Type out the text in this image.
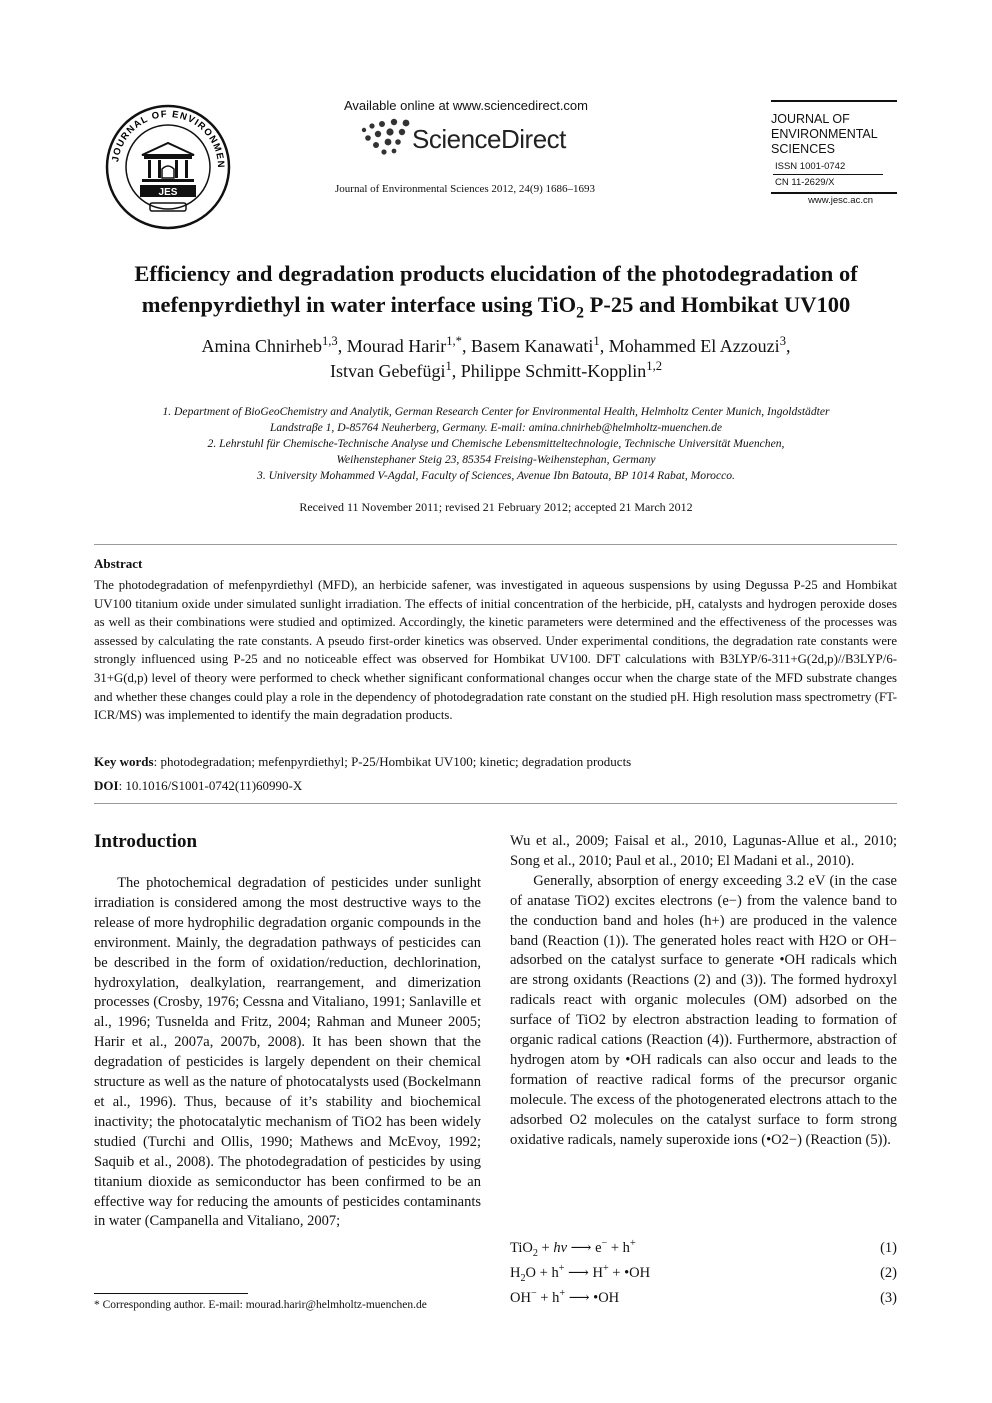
JOURNAL OF ENVIRONMEN
JES
Available online at www.sciencedirect.com
ScienceDirect
Journal of Environmental Sciences 2012, 24(9) 1686–1693
JOURNAL OF
ENVIRONMENTAL
SCIENCES
ISSN 1001-0742
CN 11-2629/X
www.jesc.ac.cn
Efficiency and degradation products elucidation of the photodegradation of
mefenpyrdiethyl in water interface using TiO$_2$ P-25 and Hombikat UV100
Amina Chnirheb$^{1,3}$, Mourad Harir$^{1,*}$, Basem Kanawati$^1$, Mohammed El Azzouzi$^3$,
Istvan Gebefügi$^1$, Philippe Schmitt-Kopplin$^{1,2}$
1. Department of BioGeoChemistry and Analytik, German Research Center for Environmental Health, Helmholtz Center Munich, Ingoldstädter
Landstraβe 1, D-85764 Neuherberg, Germany. E-mail: amina.chnirheb@helmholtz-muenchen.de
2. Lehrstuhl für Chemische-Technische Analyse und Chemische Lebensmitteltechnologie, Technische Universität Muenchen,
Weihenstephaner Steig 23, 85354 Freising-Weihenstephan, Germany
3. University Mohammed V-Agdal, Faculty of Sciences, Avenue Ibn Batouta, BP 1014 Rabat, Morocco.
Received 11 November 2011; revised 21 February 2012; accepted 21 March 2012
Abstract
The photodegradation of mefenpyrdiethyl (MFD), an herbicide safener, was investigated in aqueous suspensions by using Degussa P-25 and Hombikat UV100 titanium oxide under simulated sunlight irradiation. The effects of initial concentration of the herbicide, pH, catalysts and hydrogen peroxide doses as well as their combinations were studied and optimized. Accordingly, the kinetic parameters were determined and the effectiveness of the processes was assessed by calculating the rate constants. A pseudo first-order kinetics was observed. Under experimental conditions, the degradation rate constants were strongly influenced using P-25 and no noticeable effect was observed for Hombikat UV100. DFT calculations with B3LYP/6-311+G(2d,p)//B3LYP/6-31+G(d,p) level of theory were performed to check whether significant conformational changes occur when the charge state of the MFD substrate changes and whether these changes could play a role in the dependency of photodegradation rate constant on the studied pH. High resolution mass spectrometry (FT-ICR/MS) was implemented to identify the main degradation products.
Key words: photodegradation; mefenpyrdiethyl; P-25/Hombikat UV100; kinetic; degradation products
DOI: 10.1016/S1001-0742(11)60990-X
Introduction

The photochemical degradation of pesticides under sunlight irradiation is considered among the most destructive ways to the release of more hydrophilic degradation organic compounds in the environment. Mainly, the degradation pathways of pesticides can be described in the form of oxidation/reduction, dechlorination, hydroxylation, dealkylation, rearrangement, and dimerization processes (Crosby, 1976; Cessna and Vitaliano, 1991; Sanlaville et al., 1996; Tusnelda and Fritz, 2004; Rahman and Muneer 2005; Harir et al., 2007a, 2007b, 2008). It has been shown that the degradation of pesticides is largely dependent on their chemical structure as well as the nature of photocatalysts used (Bockelmann et al., 1996). Thus, because of it’s stability and biochemical inactivity; the photocatalytic mechanism of TiO2 has been widely studied (Turchi and Ollis, 1990; Mathews and McEvoy, 1992; Saquib et al., 2008). The photodegradation of pesticides by using titanium dioxide as semiconductor has been confirmed to be an effective way for reducing the amounts of pesticides contaminants in water (Campanella and Vitaliano, 2007;

Wu et al., 2009; Faisal et al., 2010, Lagunas-Allue et al., 2010; Song et al., 2010; Paul et al., 2010; El Madani et al., 2010).

Generally, absorption of energy exceeding 3.2 eV (in the case of anatase TiO2) excites electrons (e−) from the valence band to the conduction band and holes (h+) are produced in the valence band (Reaction (1)). The generated holes react with H2O or OH− adsorbed on the catalyst surface to generate •OH radicals which are strong oxidants (Reactions (2) and (3)). The formed hydroxyl radicals react with organic molecules (OM) adsorbed on the surface of TiO2 by electron abstraction leading to formation of organic radical cations (Reaction (4)). Furthermore, abstraction of hydrogen atom by •OH radicals can also occur and leads to the formation of reactive radical forms of the precursor organic molecule. The excess of the photogenerated electrons attach to the adsorbed O2 molecules on the catalyst surface to form strong oxidative radicals, namely superoxide ions (•O2−) (Reaction (5)).

TiO$_2$ + hν ⟶ e− + h+	(1)
$H_2O + h^+$ ⟶ H+ + •OH	(2)
OH− + h+ ⟶ •OH	(3)
* Corresponding author. E-mail: mourad.harir@helmholtz-muenchen.de
